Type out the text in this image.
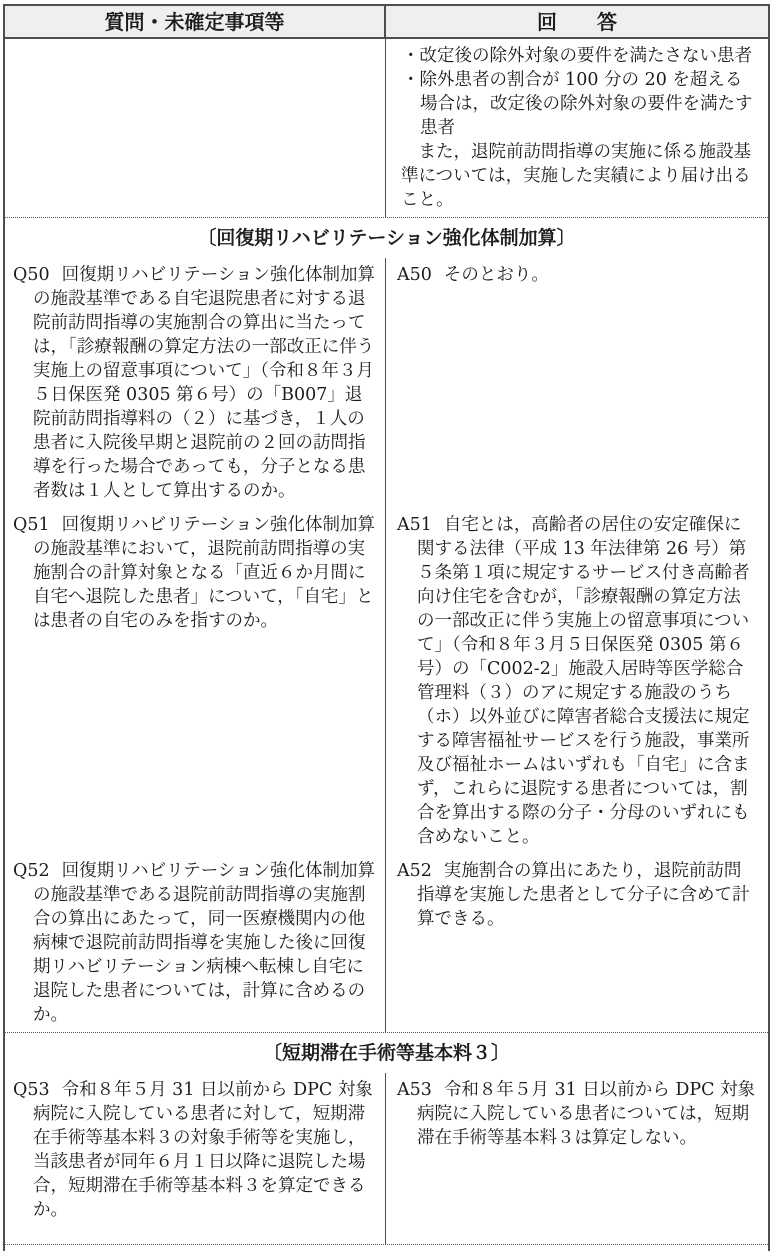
質問・未確定事項等	回　　答

・改定後の除外対象の要件を満たさない患者

・除外患者の割合が 100 分の 20 を超える場合は，改定後の除外対象の要件を満たす患者

　また，退院前訪問指導の実施に係る施設基準については，実施した実績により届け出ること。

〔回復期リハビリテーション強化体制加算〕

Q50 回復期リハビリテーション強化体制加算の施設基準である自宅退院患者に対する退院前訪問指導の実施割合の算出に当たっては，「診療報酬の算定方法の一部改正に伴う実施上の留意事項について」（令和８年３月５日保医発 0305 第６号）の「B007」退院前訪問指導料の（２）に基づき，１人の患者に入院後早期と退院前の２回の訪問指導を行った場合であっても，分子となる患者数は１人として算出するのか。

A50 そのとおり。

Q51 回復期リハビリテーション強化体制加算の施設基準において，退院前訪問指導の実施割合の計算対象となる「直近６か月間に自宅へ退院した患者」について，「自宅」とは患者の自宅のみを指すのか。

A51 自宅とは，高齢者の居住の安定確保に関する法律（平成 13 年法律第 26 号）第５条第１項に規定するサービス付き高齢者向け住宅を含むが，「診療報酬の算定方法の一部改正に伴う実施上の留意事項について」（令和８年３月５日保医発 0305 第６号）の「C002-2」施設入居時等医学総合管理料（３）のアに規定する施設のうち（ホ）以外並びに障害者総合支援法に規定する障害福祉サービスを行う施設，事業所及び福祉ホームはいずれも「自宅」に含まず，これらに退院する患者については，割合を算出する際の分子・分母のいずれにも含めないこと。

Q52 回復期リハビリテーション強化体制加算の施設基準である退院前訪問指導の実施割合の算出にあたって，同一医療機関内の他病棟で退院前訪問指導を実施した後に回復期リハビリテーション病棟へ転棟し自宅に退院した患者については，計算に含めるのか。

A52 実施割合の算出にあたり，退院前訪問指導を実施した患者として分子に含めて計算できる。

〔短期滞在手術等基本料３〕

Q53 令和８年５月 31 日以前から DPC 対象病院に入院している患者に対して，短期滞在手術等基本料３の対象手術等を実施し，当該患者が同年６月１日以降に退院した場合，短期滞在手術等基本料３を算定できるか。

A53 令和８年５月 31 日以前から DPC 対象病院に入院している患者については，短期滞在手術等基本料３は算定しない。
